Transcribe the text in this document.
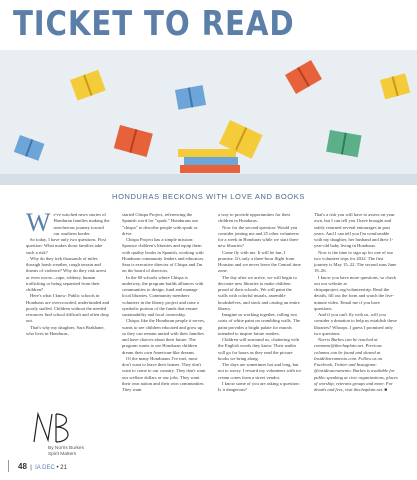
TICKET TO READ
HONDURAS BECKONS WITH LOVE AND BOOKS
W e've watched news stories of Honduran families making the treacherous journey toward our southern border.

So today, I have only two questions. First question: What makes those families take such a risk?

Why do they trek thousands of miles through harsh weather, rough terrain and threats of violence? Why do they risk arrest or even worse—rape, robbery, human trafficking or being separated from their children?

Here's what I know: Public schools in Honduras are overcrowded, underfunded and poorly staffed. Children without the needed resources find school difficult and often drop out.

That's why my daughter, Sara Brakhane, who lives in Honduras,

started Chispa Project, referencing the Spanish word for "spark." Hondurans use "chispa" to describe people with spark or drive.

Chispa Project has a simple mission: Sponsor children's libraries and equip them with quality books in Spanish, working with Honduran community leaders and educators. Sara is executive director of Chispa and I'm on the board of directors.

In the 60 schools where Chispa is underway, the program builds alliances with communities to design, fund and manage local libraries. Community members volunteer in the library project and raise a symbolic portion of the funds that ensure sustainability and local ownership.

Chispa, like the Honduran people it serves, wants to see children educated and grow up so they can remain united with their families and have choices about their future. The program wants to see Honduran children dream their own American-like dreams.

Of the many Hondurans I've met, most don't want to leave their homes. They don't want to come to our country. They don't want our welfare dollars or our jobs. They want their own nation and their own communities. They want

a way to provide opportunities for their children in Honduras.

Now for the second question: Would you consider joining me and 25 other volunteers for a week in Honduras while we start three new libraries?

Come fly with me. It will be fun, I promise. It's only a three-hour flight from Houston and we never leave the Central time zone.

The day after we arrive, we will begin to decorate new libraries to make children proud of their schools. We will paint the walls with colorful murals, assemble bookshelves, and stock and catalog an entire library.

Imagine us working together, rolling two coats of white paint on crumbling walls. The paint provides a bright palate for murals intended to inspire future readers.

Children will surround us, chattering with the English words they know. Their smiles will go for hours as they read the picture books we bring along.

The days are sometimes hot and long, but not to worry. I reward my volunteers with ice cream cones from a street vendor.

I know some of you are asking a question: Is it dangerous?

That's a risk you will have to assess on your own, but I can tell you I have brought and safely returned several entourages in past years. And I can tell you I'm comfortable with my daughter, her husband and their 1-year-old baby living in Honduras.

Now is the time to sign up for one of our two volunteer trips for 2022. The first journey is May 15–22. The second runs June 19–26.

I know you have more questions, so check out our website at chispaproject.org/volunteertrip. Read the details, fill out the form and watch the five-minute video. Email me if you have questions.

And if you can't fly with us, will you consider a donation to help us establish these libraries? Whoops. I guess I promised only two questions.

Norris Burkes can be reached at comment@thechaplain.net. Previous columns can be found and shared at InsideSacramento.com. Follow us on Facebook, Twitter and Instagram: @insidesacramento. Burkes is available for public speaking at civic organizations, places of worship, veterans groups and more. For details and fees, visit thechaplain.net. ■

By Norris Burkes
Spirit Matters
48  |  IA DEC • 21
